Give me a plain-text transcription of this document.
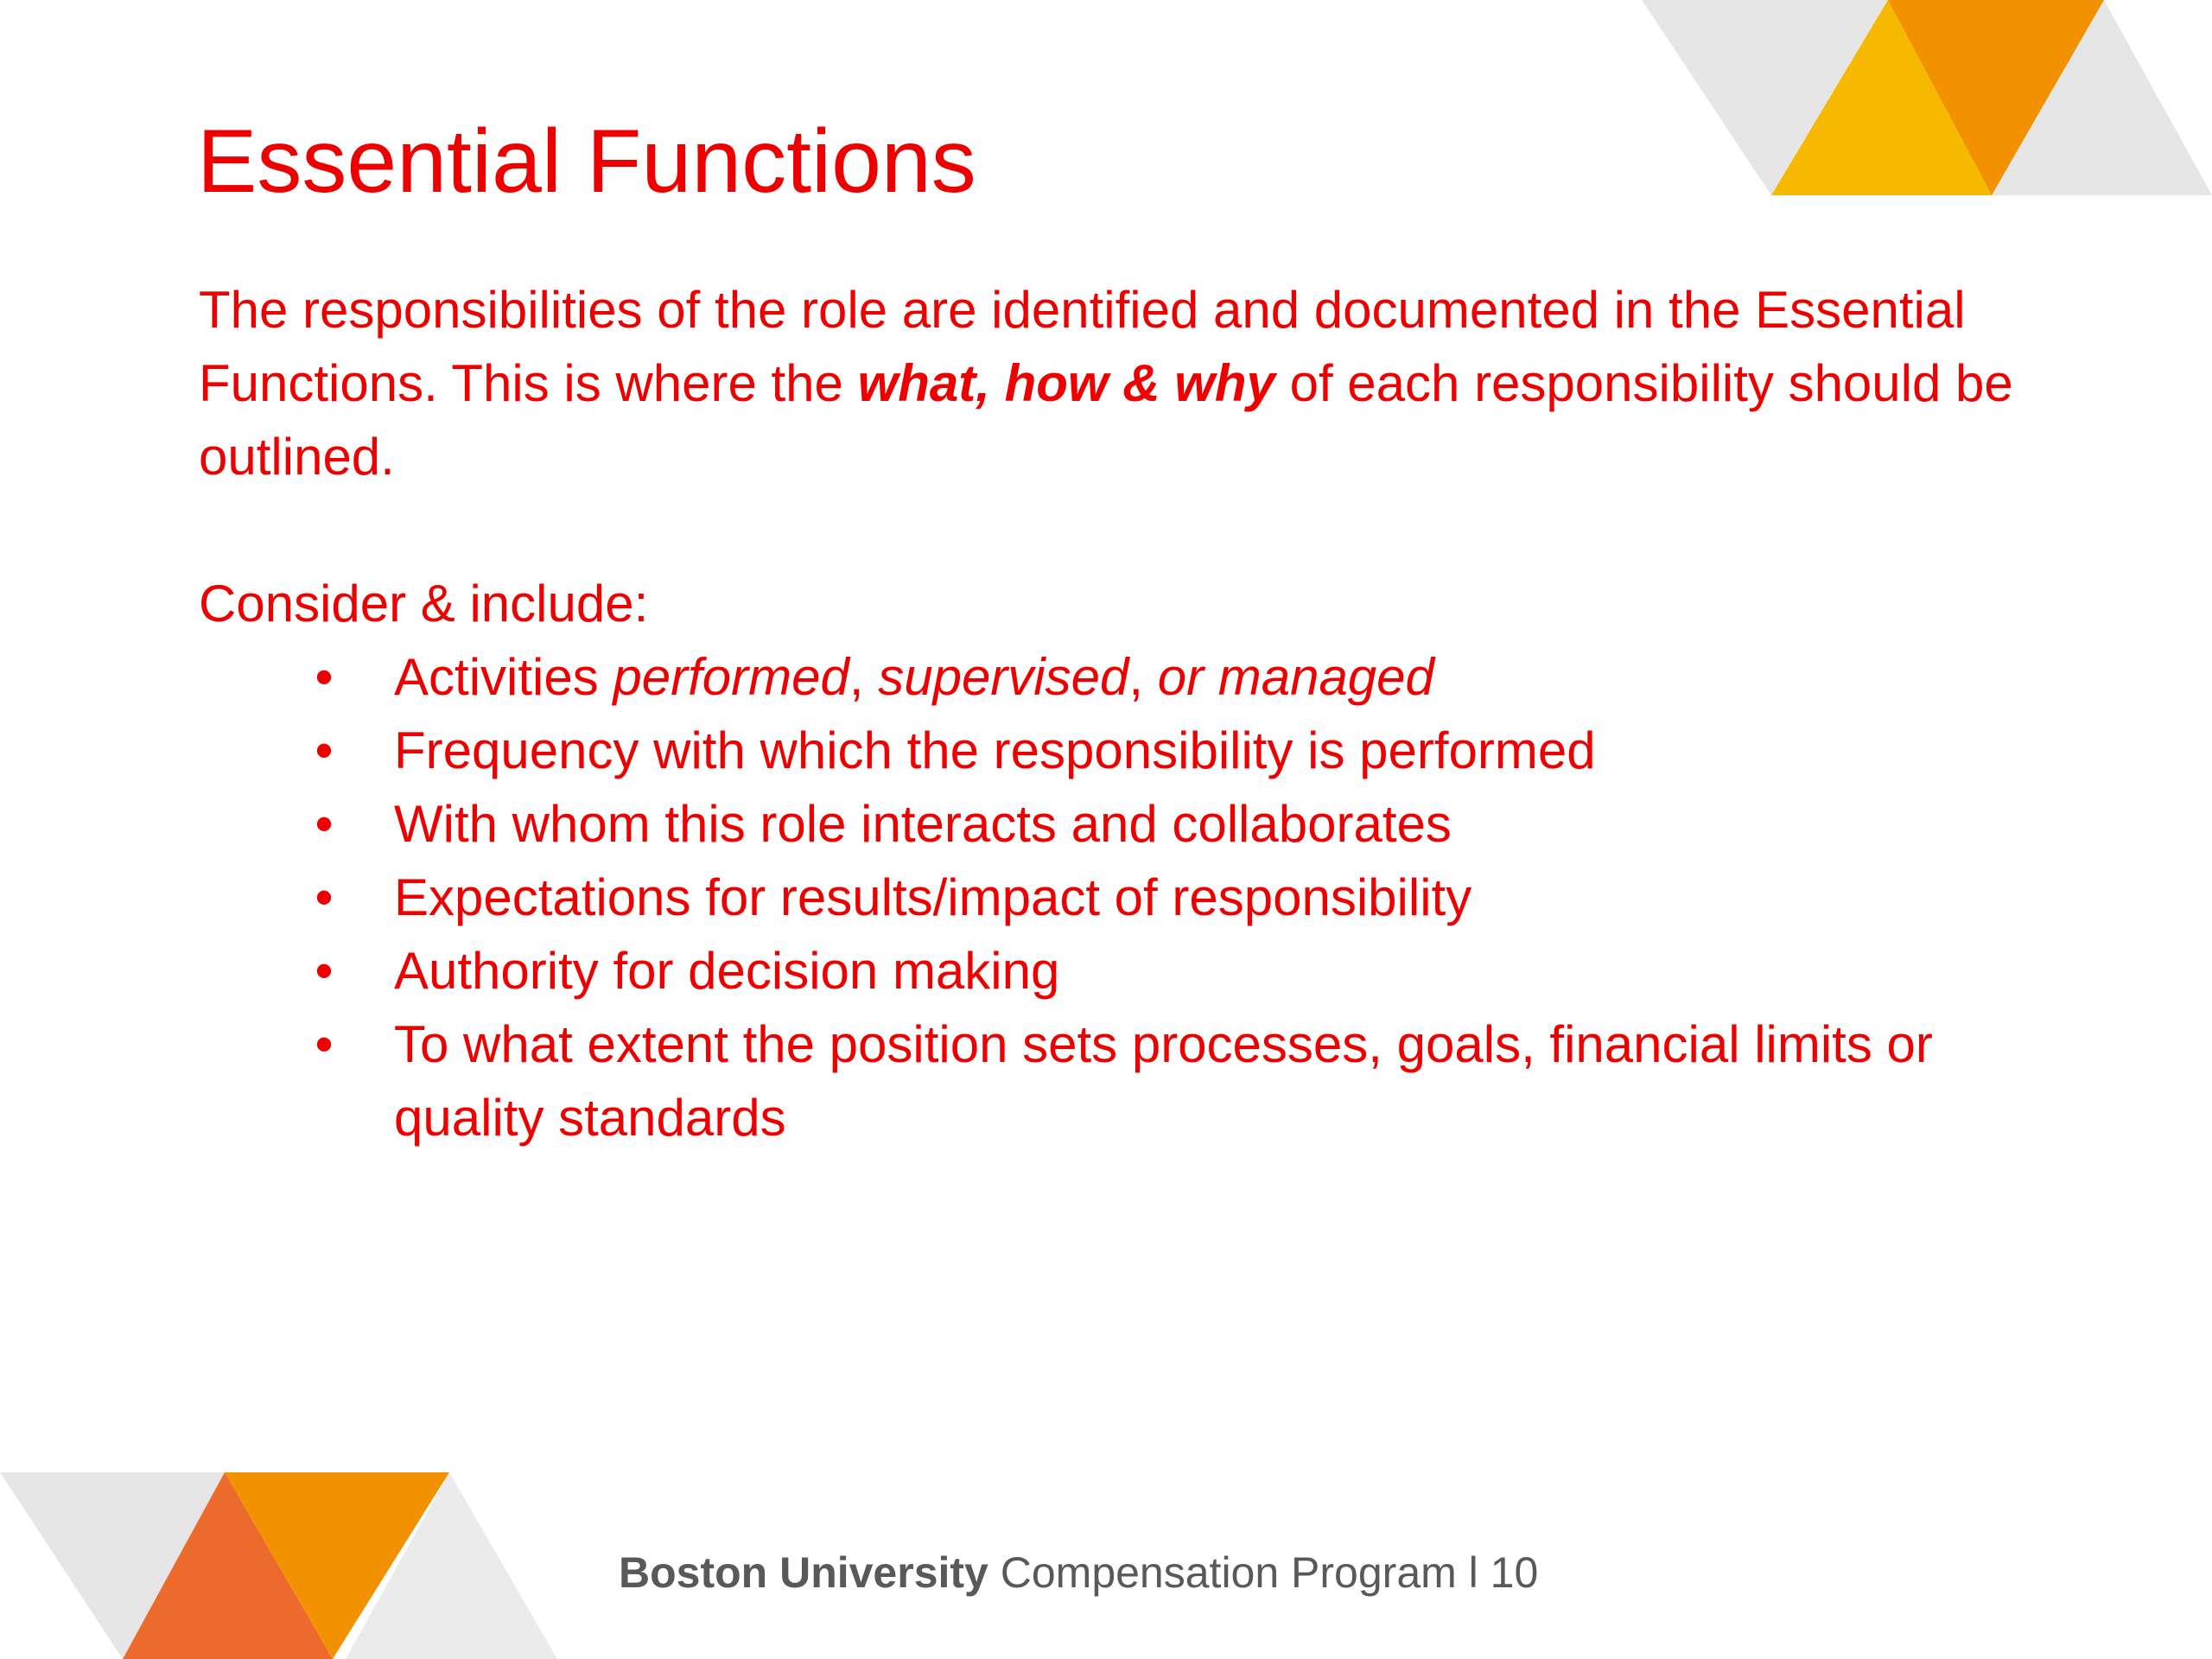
Essential Functions

The responsibilities of the role are identified and documented in the Essential Functions. This is where the what, how & why of each responsibility should be outlined.

Consider & include:

• Activities performed, supervised, or managed
• Frequency with which the responsibility is performed
• With whom this role interacts and collaborates
• Expectations for results/impact of responsibility
• Authority for decision making
• To what extent the position sets processes, goals, financial limits or quality standards
Boston University Compensation Program l 10
